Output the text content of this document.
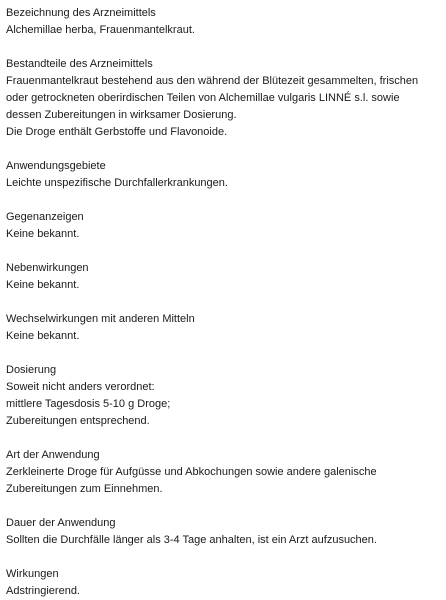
Bezeichnung des Arzneimittels

Alchemillae herba, Frauenmantelkraut.

Bestandteile des Arzneimittels

Frauenmantelkraut bestehend aus den während der Blütezeit gesammelten, frischen

oder getrockneten oberirdischen Teilen von Alchemillae vulgaris LINNÉ s.l. sowie

dessen Zubereitungen in wirksamer Dosierung.

Die Droge enthält Gerbstoffe und Flavonoide.

Anwendungsgebiete

Leichte unspezifische Durchfallerkrankungen.

Gegenanzeigen

Keine bekannt.

Nebenwirkungen

Keine bekannt.

Wechselwirkungen mit anderen Mitteln

Keine bekannt.

Dosierung

Soweit nicht anders verordnet:

mittlere Tagesdosis 5-10 g Droge;

Zubereitungen entsprechend.

Art der Anwendung

Zerkleinerte Droge für Aufgüsse und Abkochungen sowie andere galenische

Zubereitungen zum Einnehmen.

Dauer der Anwendung

Sollten die Durchfälle länger als 3-4 Tage anhalten, ist ein Arzt aufzusuchen.

Wirkungen

Adstringierend.
